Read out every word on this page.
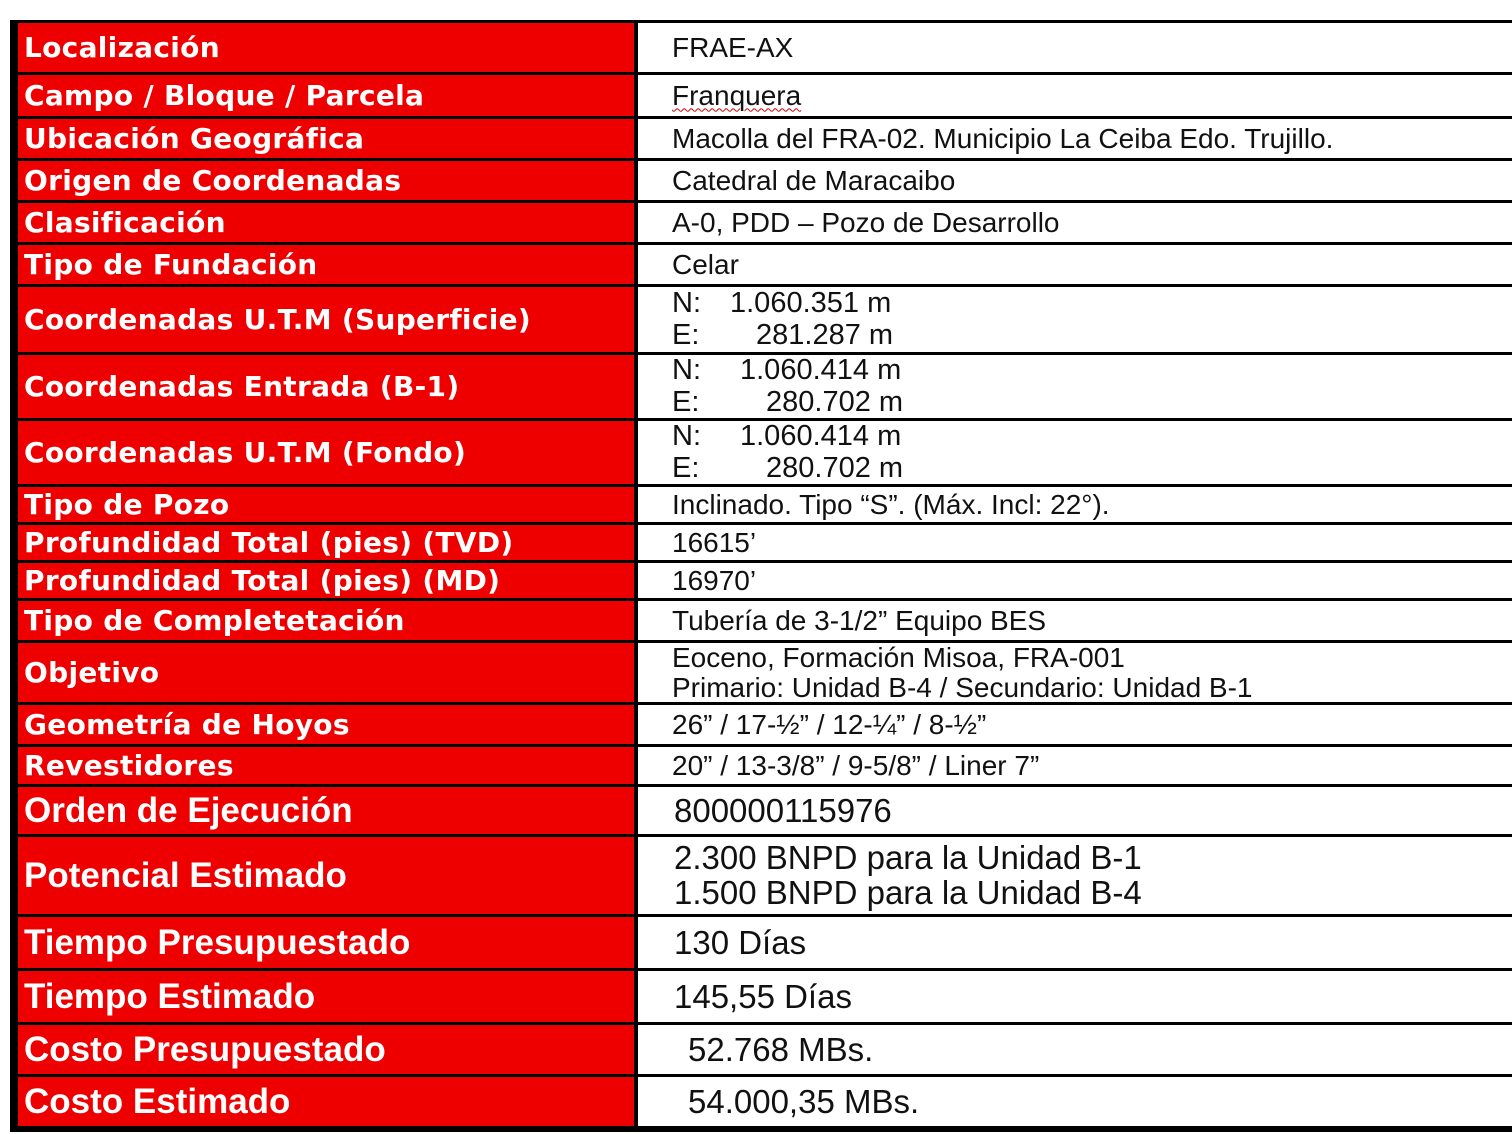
Localización	FRAE-AX
Campo / Bloque / Parcela	Franquera
Ubicación Geográfica	Macolla del FRA-02. Municipio La Ceiba Edo. Trujillo.
Origen de Coordenadas	Catedral de Maracaibo
Clasificación	A-0, PDD – Pozo de Desarrollo
Tipo de Fundación	Celar
Coordenadas U.T.M (Superficie)	N: 1.060.351 m
E: 281.287 m

Coordenadas Entrada (B-1)	N: 1.060.414 m
E: 280.702 m

Coordenadas U.T.M (Fondo)	N: 1.060.414 m
E: 280.702 m

Tipo de Pozo	Inclinado. Tipo “S”. (Máx. Incl: 22°).
Profundidad Total (pies) (TVD)	16615’
Profundidad Total (pies) (MD)	16970’
Tipo de Completetación	Tubería de 3-1/2” Equipo BES
Objetivo	Eoceno, Formación Misoa, FRA-001
Primario: Unidad B-4 / Secundario: Unidad B-1

Geometría de Hoyos	26” / 17-½” / 12-¼” / 8-½”
Revestidores	20” / 13-3/8” / 9-5/8” / Liner 7”
Orden de Ejecución	800000115976
Potencial Estimado	2.300 BNPD para la Unidad B-1
1.500 BNPD para la Unidad B-4

Tiempo Presupuestado	130 Días
Tiempo Estimado	145,55 Días
Costo Presupuestado	52.768 MBs.
Costo Estimado	54.000,35 MBs.
